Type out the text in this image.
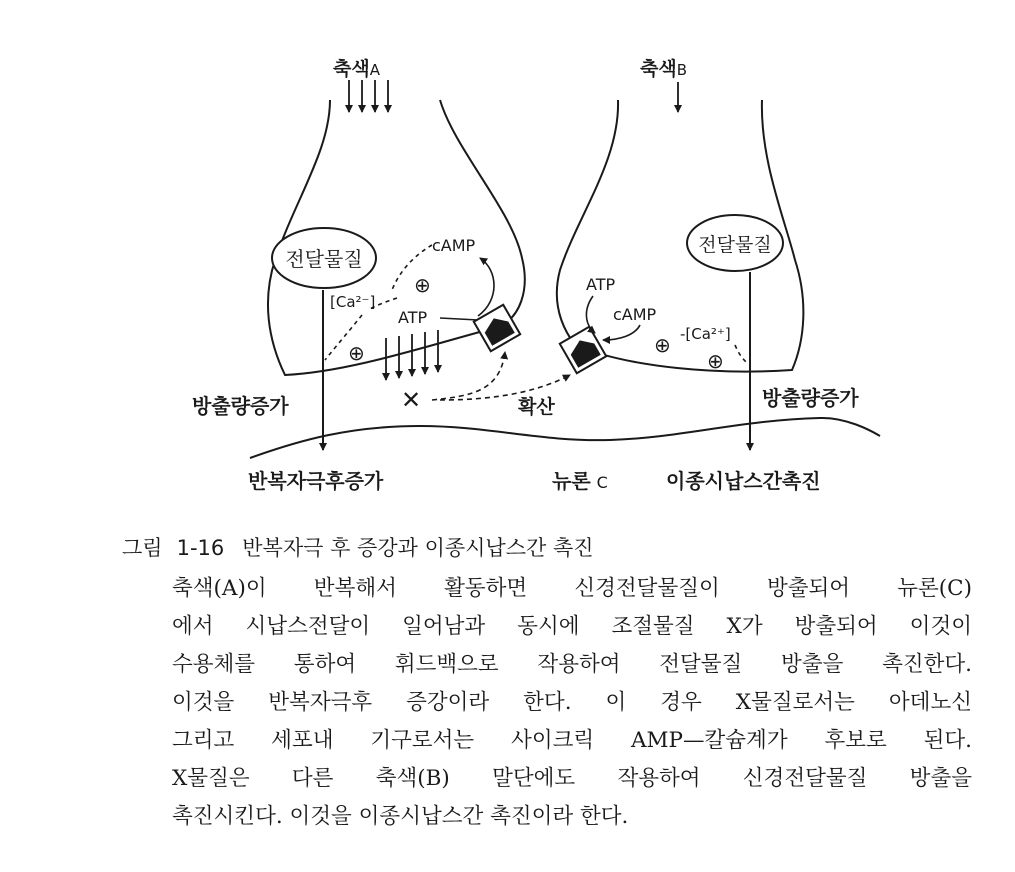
축색A	축색B
전달물질
전달물질
cAMP
⊕
[Ca²⁻]
⊕
ATP
✕	확산
ATP
cAMP
⊕ -[Ca²⁺]
⊕
방출량증가	방출량증가
반복자극후증가	뉴론 C	이종시납스간촉진
그림 1-16 반복자극 후 증강과 이종시납스간 촉진
축색(A)이 반복해서 활동하면 신경전달물질이 방출되어 뉴론(C)
에서 시납스전달이 일어남과 동시에 조절물질 X가 방출되어 이것이
수용체를 통하여 휘드백으로 작용하여 전달물질 방출을 촉진한다.
이것을 반복자극후 증강이라 한다. 이 경우 X물질로서는 아데노신
그리고 세포내 기구로서는 사이크릭 AMP—칼슘계가 후보로 된다.
X물질은 다른 축색(B) 말단에도 작용하여 신경전달물질 방출을
촉진시킨다. 이것을 이종시납스간 촉진이라 한다.
